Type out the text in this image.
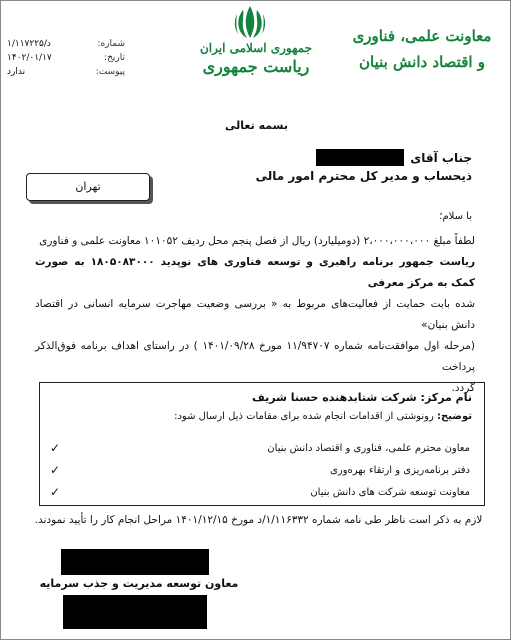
شماره:
۱/۱۱۷۲۲۵/د
تاریخ:
۱۴۰۲/۰۱/۱۷
پیوست:
ندارد
جمهوری اسلامی ایران
ریاست جمهوری
معاونت علمی، فناوری
و اقتصاد دانش بنیان
بسمه تعالی
جناب آقای
ذیحساب و مدیر کل محترم امور مالی
تهران
با سلام؛
لطفاً مبلغ ۲،۰۰۰،۰۰۰،۰۰۰ (دومیلیارد) ریال از فصل پنجم محل ردیف ۱۰۱۰۵۲ معاونت علمی و فناوری
ریاست جمهور برنامه راهبری و توسعه فناوری های نوپدید ۱۸۰۵۰۸۳۰۰۰ به صورت کمک به مرکز معرفی
شده بابت حمایت از فعالیت‌های مربوط به « بررسی وضعیت مهاجرت سرمایه انسانی در اقتصاد دانش بنیان»
(مرحله اول موافقت‌نامه شماره ۱۱/۹۴۷۰۷ مورخ ۱۴۰۱/۰۹/۲۸ ) در راستای اهداف برنامه فوق‌الذکر پرداخت
گردد.
نام مرکز: شرکت شتابدهنده حسنا شریف
توضیح: رونوشتی از اقدامات انجام شده برای مقامات ذیل ارسال شود:
معاون محترم علمی، فناوری و اقتصاد دانش بنیان
✓
دفتر برنامه‌ریزی و ارتقاء بهره‌وری
✓
معاونت توسعه شرکت های دانش بنیان
✓
لازم به ذکر است ناظر طی نامه شماره ۱/۱۱۶۳۳۲/د مورخ ۱۴۰۱/۱۲/۱۵ مراحل انجام کار را تأیید نمودند.
معاون توسعه مدیریت و جذب سرمایه
